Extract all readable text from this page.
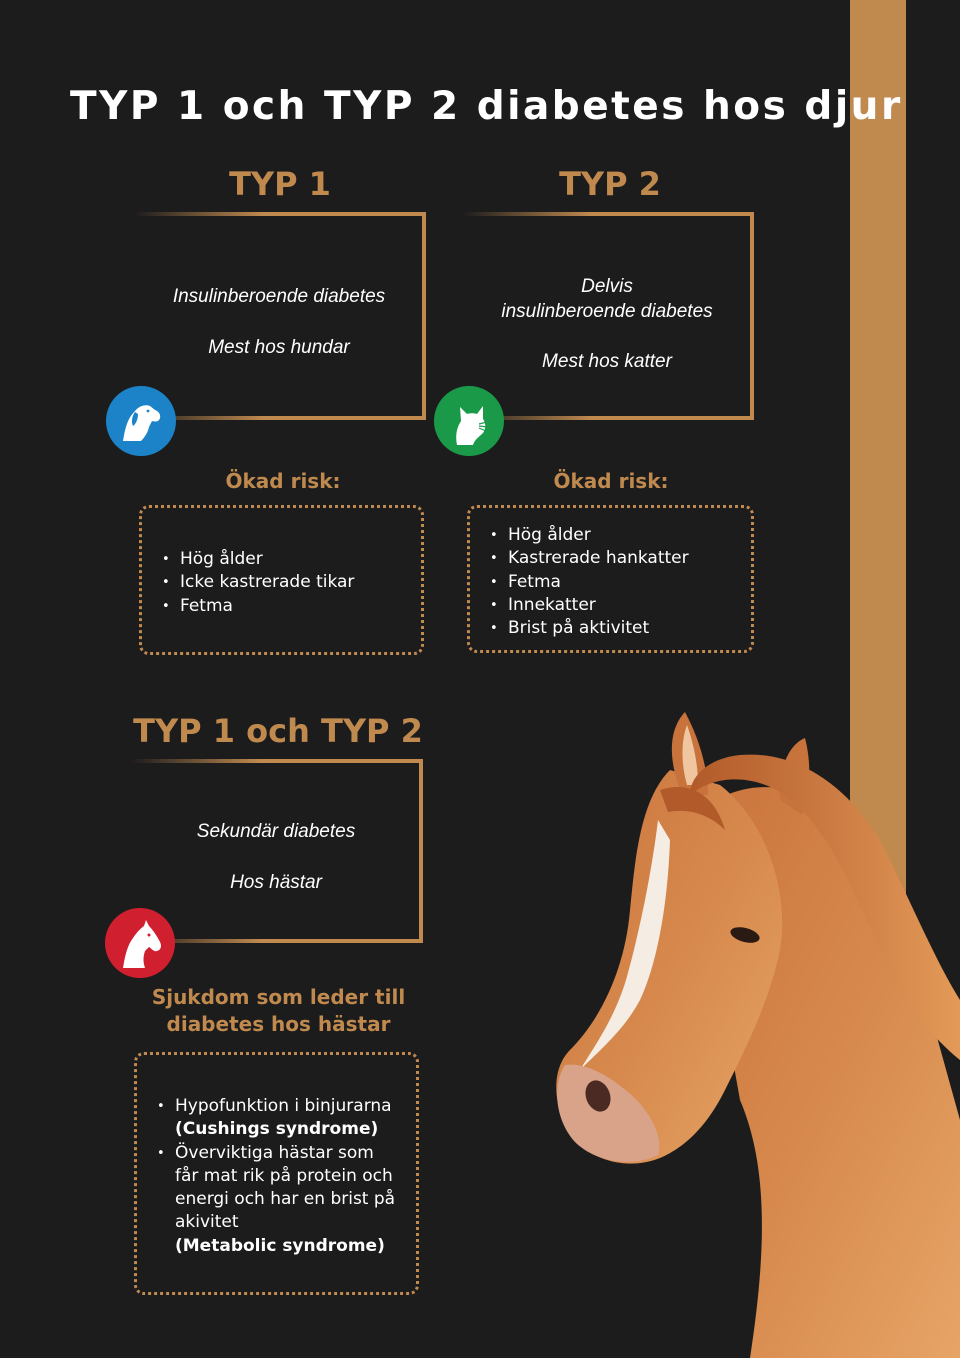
TYP 1 och TYP 2 diabetes hos djur
TYP 1

Insulinberoende diabetes

Mest hos hundar

Ökad risk:
• Hög ålder
• Icke kastrerade tikar
• Fetma
TYP 2

Delvis

insulinberoende diabetes

Mest hos katter

Ökad risk:
• Hög ålder
• Kastrerade hankatter
• Fetma
• Innekatter
• Brist på aktivitet
TYP 1 och TYP 2

Sekundär diabetes

Hos hästar

Sjukdom som leder till
diabetes hos hästar
• Hypofunktion i binjurarna
(Cushings syndrome)
• Överviktiga hästar som
får mat rik på protein och
energi och har en brist på
akivitet
(Metabolic syndrome)
